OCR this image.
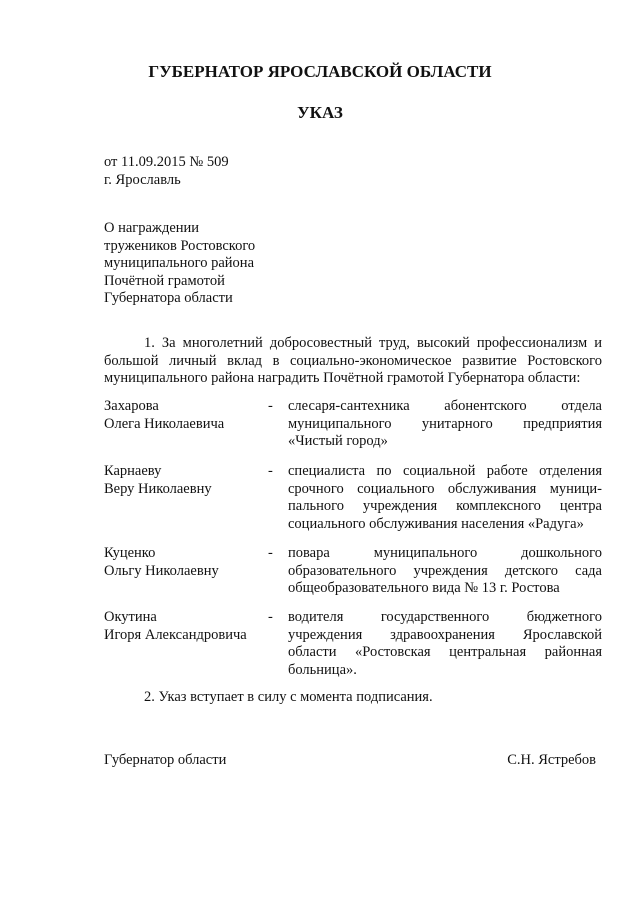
ГУБЕРНАТОР ЯРОСЛАВСКОЙ ОБЛАСТИ
УКАЗ
от 11.09.2015 № 509
г. Ярославль
О награждении
тружеников Ростовского
муниципального района
Почётной грамотой
Губернатора области
1. За многолетний добросовестный труд, высокий профессионализм и большой личный вклад в социально-экономическое развитие Ростовского муниципального района наградить Почётной грамотой Губернатора области:
Захарова
Олега Николаевича
-	слесаря-сантехника абонентского отдела
муниципального унитарного предприятия
«Чистый город»
Карнаеву
Веру Николаевну
-	специалиста по социальной работе отделения
срочного социального обслуживания муници-
пального учреждения комплексного центра
социального обслуживания населения «Радуга»
Куценко
Ольгу Николаевну
-	повара муниципального дошкольного
образовательного учреждения детского сада
общеобразовательного вида № 13 г. Ростова
Окутина
Игоря Александровича
-	водителя государственного бюджетного
учреждения здравоохранения Ярославской
области «Ростовская центральная районная
больница».
2. Указ вступает в силу с момента подписания.
Губернатор области	С.Н. Ястребов
